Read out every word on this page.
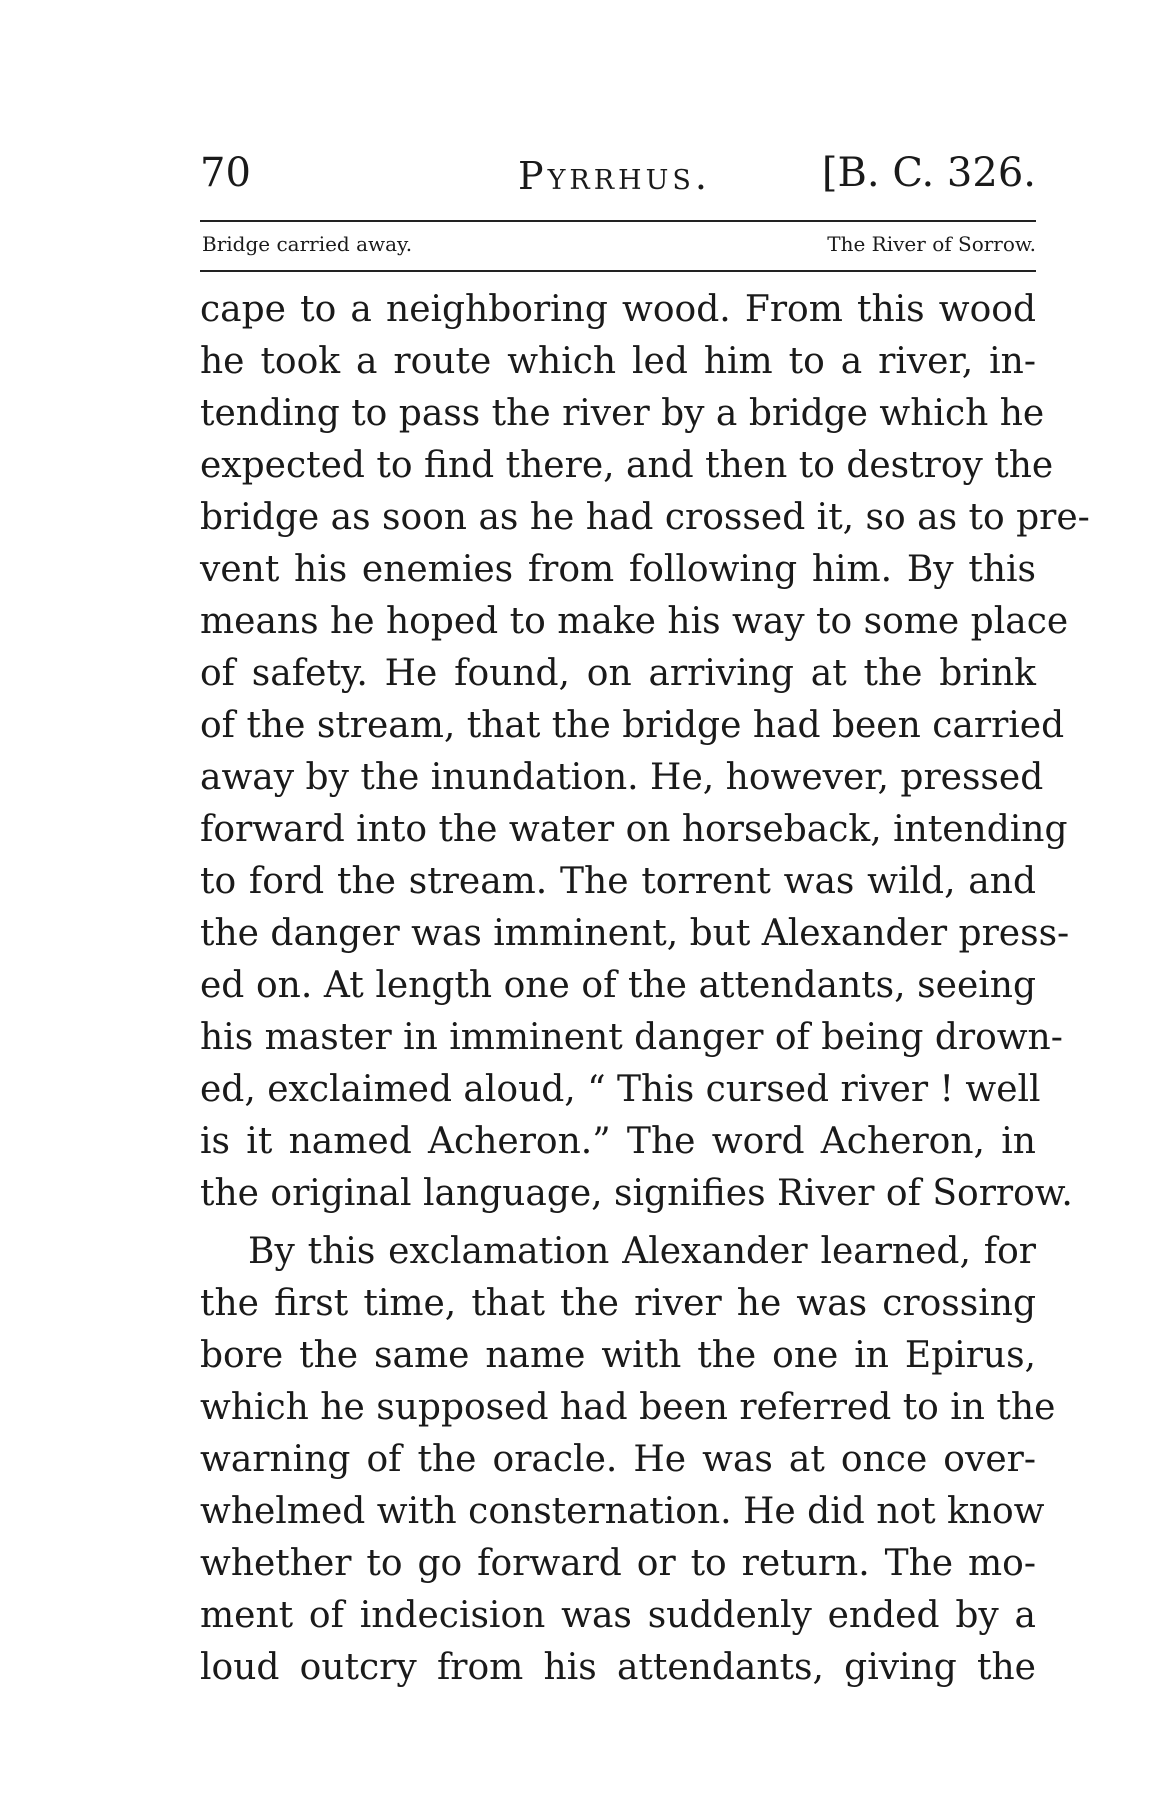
70	Pyrrhus.	[B. C. 326.
Bridge carried away.	The River of Sorrow.
cape to a neighboring wood. From this wood
he took a route which led him to a river, in-
tending to pass the river by a bridge which he
expected to find there, and then to destroy the
bridge as soon as he had crossed it, so as to pre-
vent his enemies from following him. By this
means he hoped to make his way to some place
of safety. He found, on arriving at the brink
of the stream, that the bridge had been carried
away by the inundation. He, however, pressed
forward into the water on horseback, intending
to ford the stream. The torrent was wild, and
the danger was imminent, but Alexander press-
ed on. At length one of the attendants, seeing
his master in imminent danger of being drown-
ed, exclaimed aloud, “ This cursed river ! well
is it named Acheron.” The word Acheron, in
the original language, signifies River of Sorrow.
By this exclamation Alexander learned, for
the first time, that the river he was crossing
bore the same name with the one in Epirus,
which he supposed had been referred to in the
warning of the oracle. He was at once over-
whelmed with consternation. He did not know
whether to go forward or to return. The mo-
ment of indecision was suddenly ended by a
loud outcry from his attendants, giving the
